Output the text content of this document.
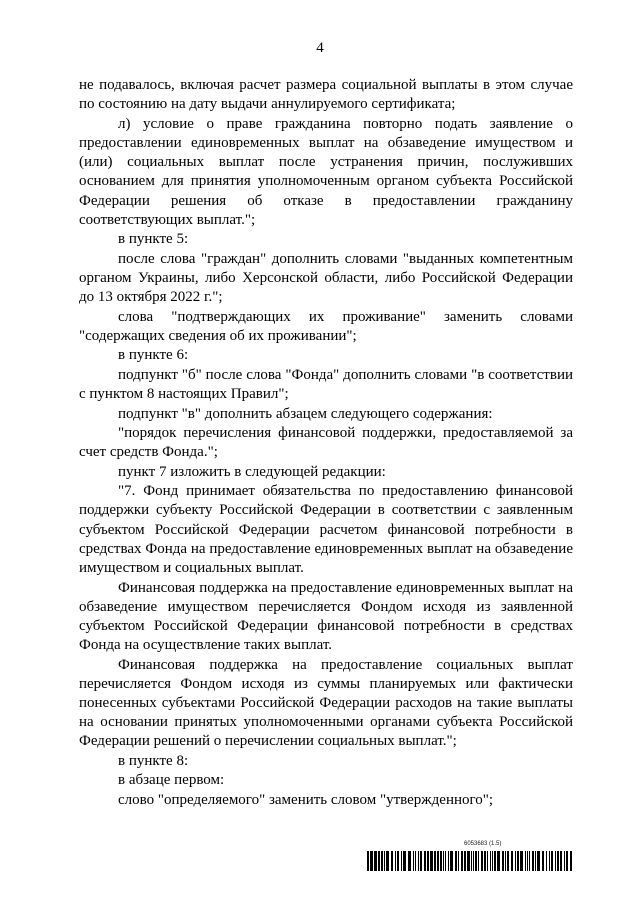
4

не подавалось, включая расчет размера социальной выплаты в этом случае по состоянию на дату выдачи аннулируемого сертификата;

л) условие о праве гражданина повторно подать заявление о предоставлении единовременных выплат на обзаведение имуществом и (или) социальных выплат после устранения причин, послуживших основанием для принятия уполномоченным органом субъекта Российской Федерации решения об отказе в предоставлении гражданину соответствующих выплат.";

в пункте 5:

после слова "граждан" дополнить словами "выданных компетентным органом Украины, либо Херсонской области, либо Российской Федерации до 13 октября 2022 г.";

слова "подтверждающих их проживание" заменить словами "содержащих сведения об их проживании";

в пункте 6:

подпункт "б" после слова "Фонда" дополнить словами "в соответствии с пунктом 8 настоящих Правил";

подпункт "в" дополнить абзацем следующего содержания:

"порядок перечисления финансовой поддержки, предоставляемой за счет средств Фонда.";

пункт 7 изложить в следующей редакции:

"7. Фонд принимает обязательства по предоставлению финансовой поддержки субъекту Российской Федерации в соответствии с заявленным субъектом Российской Федерации расчетом финансовой потребности в средствах Фонда на предоставление единовременных выплат на обзаведение имуществом и социальных выплат.

Финансовая поддержка на предоставление единовременных выплат на обзаведение имуществом перечисляется Фондом исходя из заявленной субъектом Российской Федерации финансовой потребности в средствах Фонда на осуществление таких выплат.

Финансовая поддержка на предоставление социальных выплат перечисляется Фондом исходя из суммы планируемых или фактически понесенных субъектами Российской Федерации расходов на такие выплаты на основании принятых уполномоченными органами субъекта Российской Федерации решений о перечислении социальных выплат.";

в пункте 8:

в абзаце первом:

слово "определяемого" заменить словом "утвержденного";

6053683 (1.5)
